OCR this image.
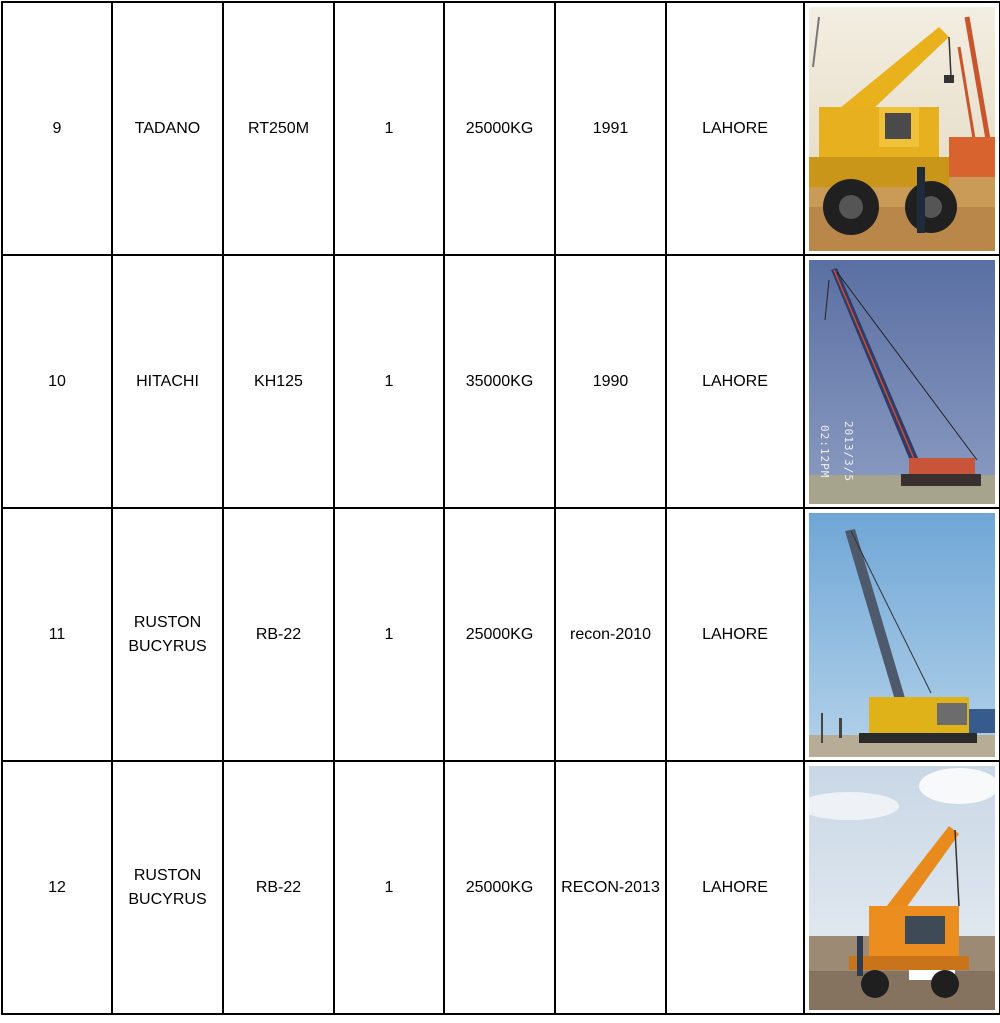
9	TADANO	RT250M	1	25000KG	1991	LAHORE	

10	HITACHI	KH125	1	35000KG	1990	LAHORE	2013/3/5 02:12PM

11	RUSTON BUCYRUS	RB-22	1	25000KG	recon-2010	LAHORE	

12	RUSTON BUCYRUS	RB-22	1	25000KG	RECON-2013	LAHORE	
